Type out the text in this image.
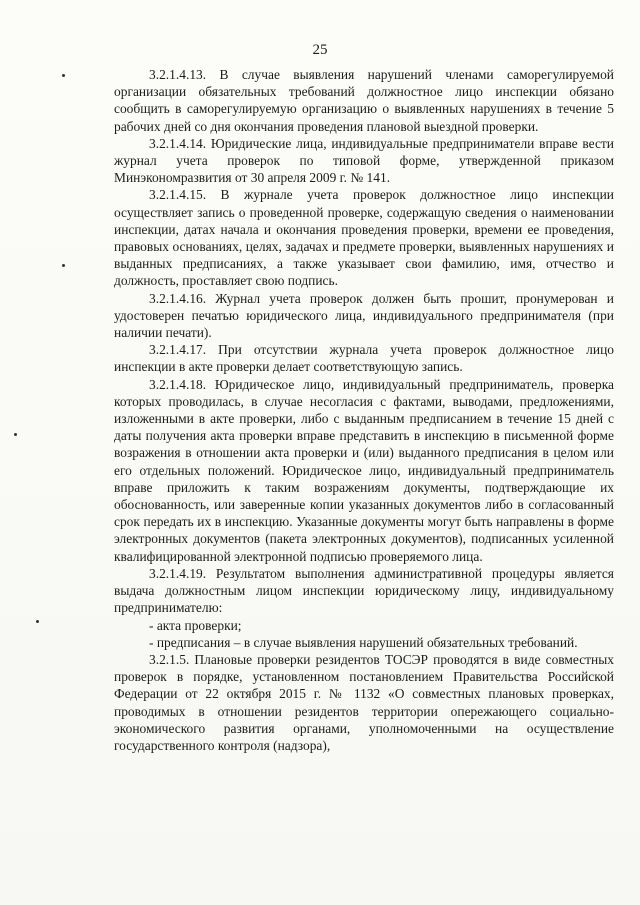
25

3.2.1.4.13. В случае выявления нарушений членами саморегулируемой организации обязательных требований должностное лицо инспекции обязано сообщить в саморегулируемую организацию о выявленных нарушениях в течение 5 рабочих дней со дня окончания проведения плановой выездной проверки.

3.2.1.4.14. Юридические лица, индивидуальные предприниматели вправе вести журнал учета проверок по типовой форме, утвержденной приказом Минэкономразвития от 30 апреля 2009 г. № 141.

3.2.1.4.15. В журнале учета проверок должностное лицо инспекции осуществляет запись о проведенной проверке, содержащую сведения о наименовании инспекции, датах начала и окончания проведения проверки, времени ее проведения, правовых основаниях, целях, задачах и предмете проверки, выявленных нарушениях и выданных предписаниях, а также указывает свои фамилию, имя, отчество и должность, проставляет свою подпись.

3.2.1.4.16. Журнал учета проверок должен быть прошит, пронумерован и удостоверен печатью юридического лица, индивидуального предпринимателя (при наличии печати).

3.2.1.4.17. При отсутствии журнала учета проверок должностное лицо инспекции в акте проверки делает соответствующую запись.

3.2.1.4.18. Юридическое лицо, индивидуальный предприниматель, проверка которых проводилась, в случае несогласия с фактами, выводами, предложениями, изложенными в акте проверки, либо с выданным предписанием в течение 15 дней с даты получения акта проверки вправе представить в инспекцию в письменной форме возражения в отношении акта проверки и (или) выданного предписания в целом или его отдельных положений. Юридическое лицо, индивидуальный предприниматель вправе приложить к таким возражениям документы, подтверждающие их обоснованность, или заверенные копии указанных документов либо в согласованный срок передать их в инспекцию. Указанные документы могут быть направлены в форме электронных документов (пакета электронных документов), подписанных усиленной квалифицированной электронной подписью проверяемого лица.

3.2.1.4.19. Результатом выполнения административной процедуры является выдача должностным лицом инспекции юридическому лицу, индивидуальному предпринимателю:

- акта проверки;

- предписания – в случае выявления нарушений обязательных требований.

3.2.1.5. Плановые проверки резидентов ТОСЭР проводятся в виде совместных проверок в порядке, установленном постановлением Правительства Российской Федерации от 22 октября 2015 г. № 1132 «О совместных плановых проверках, проводимых в отношении резидентов территории опережающего социально-экономического развития органами, уполномоченными на осуществление государственного контроля (надзора),
